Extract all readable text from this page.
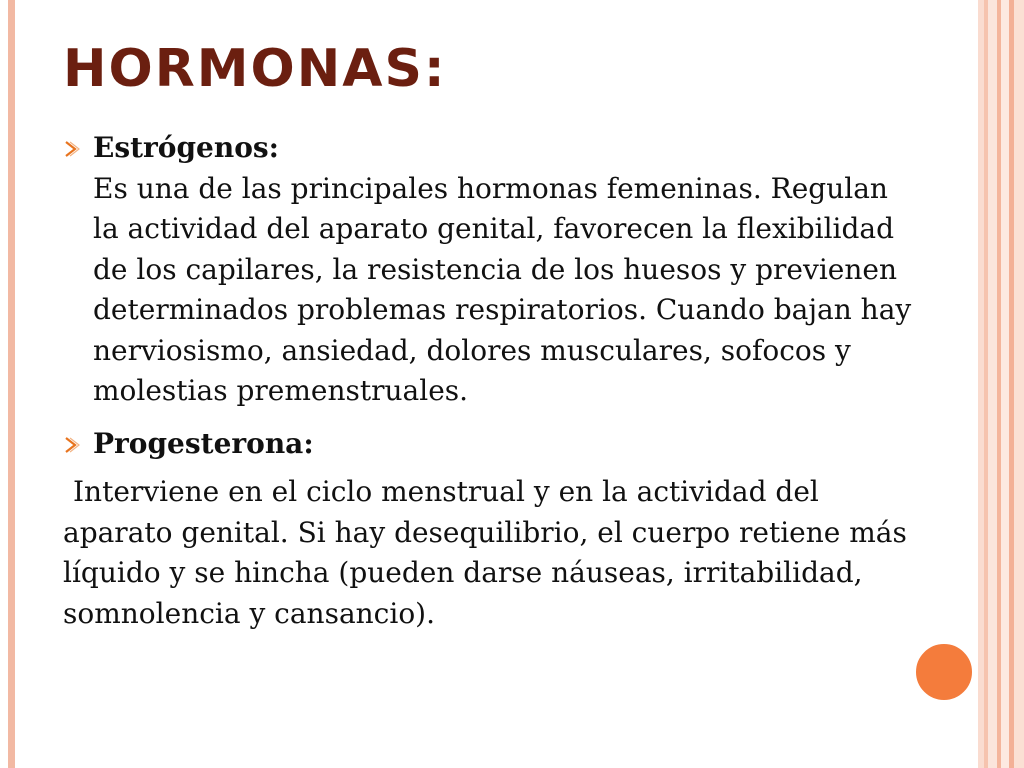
HORMONAS:
Estrógenos:
Es una de las principales hormonas femeninas. Regulan la actividad del aparato genital, favorecen la flexibilidad de los capilares, la resistencia de los huesos y previenen determinados problemas respiratorios. Cuando bajan hay nerviosismo, ansiedad, dolores musculares, sofocos y molestias premenstruales.
Progesterona:
Interviene en el ciclo menstrual y en la actividad del aparato genital. Si hay desequilibrio, el cuerpo retiene más líquido y se hincha (pueden darse náuseas, irritabilidad, somnolencia y cansancio).
